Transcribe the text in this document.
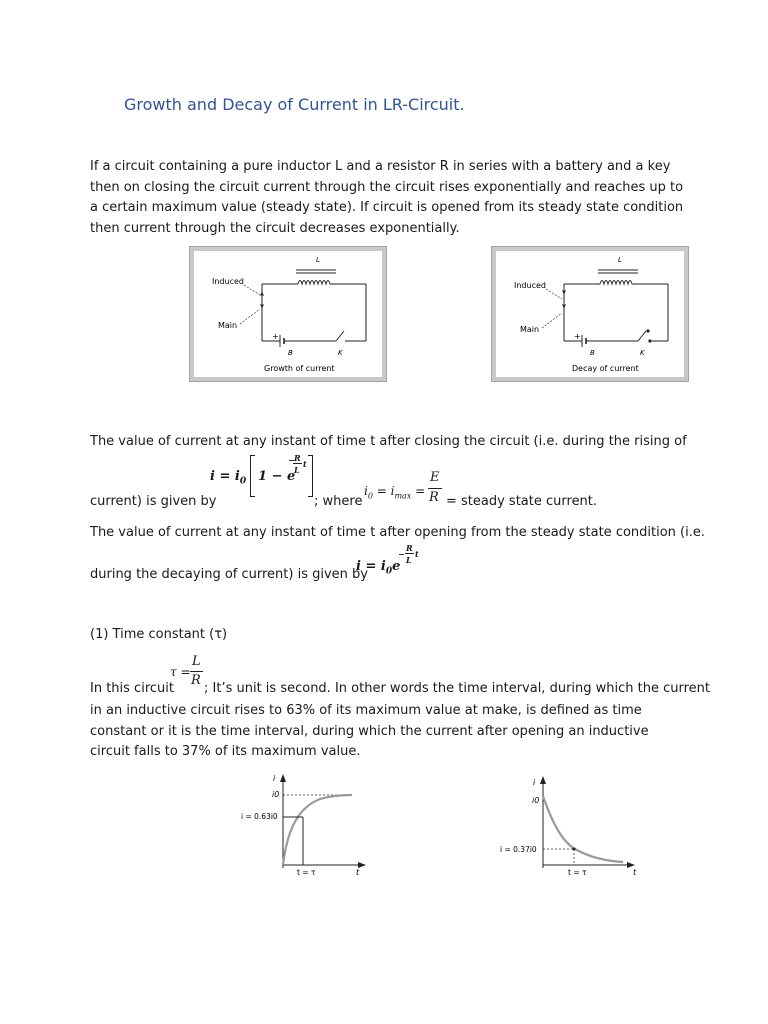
Growth and Decay of Current in LR-Circuit.
If a circuit containing a pure inductor L and a resistor R in series with a battery and a key then on closing the circuit current through the circuit rises exponentially and reaches up to a certain maximum value (steady state). If circuit is opened from its steady state condition then current through the circuit decreases exponentially.
L
Induced
Main
+
B	K
Growth of current
L
Induced
Main
+
B	K
Decay of current
The value of current at any instant of time t after closing the circuit (i.e. during the rising of
$i = i_0$ 1 − e
− R
L
t
current) is given by	; where
$i_0 = i_{max}$ =
E
R = steady state current.
The value of current at any instant of time t after opening from the steady state condition (i.e.
during the decaying of current) is given by
$i = i_0e$
−
R
L
t
(1) Time constant (τ)
τ =
L
R
In this circuit ; It’s unit is second. In other words the time interval, during which the current
in an inductive circuit rises to 63% of its maximum value at make, is defined as time constant or it is the time interval, during which the current after opening an inductive circuit falls to 37% of its maximum value.
i
i0
i = 0.63i0
t = τ	t
i
i0
i = 0.37i0
t = τ	t
